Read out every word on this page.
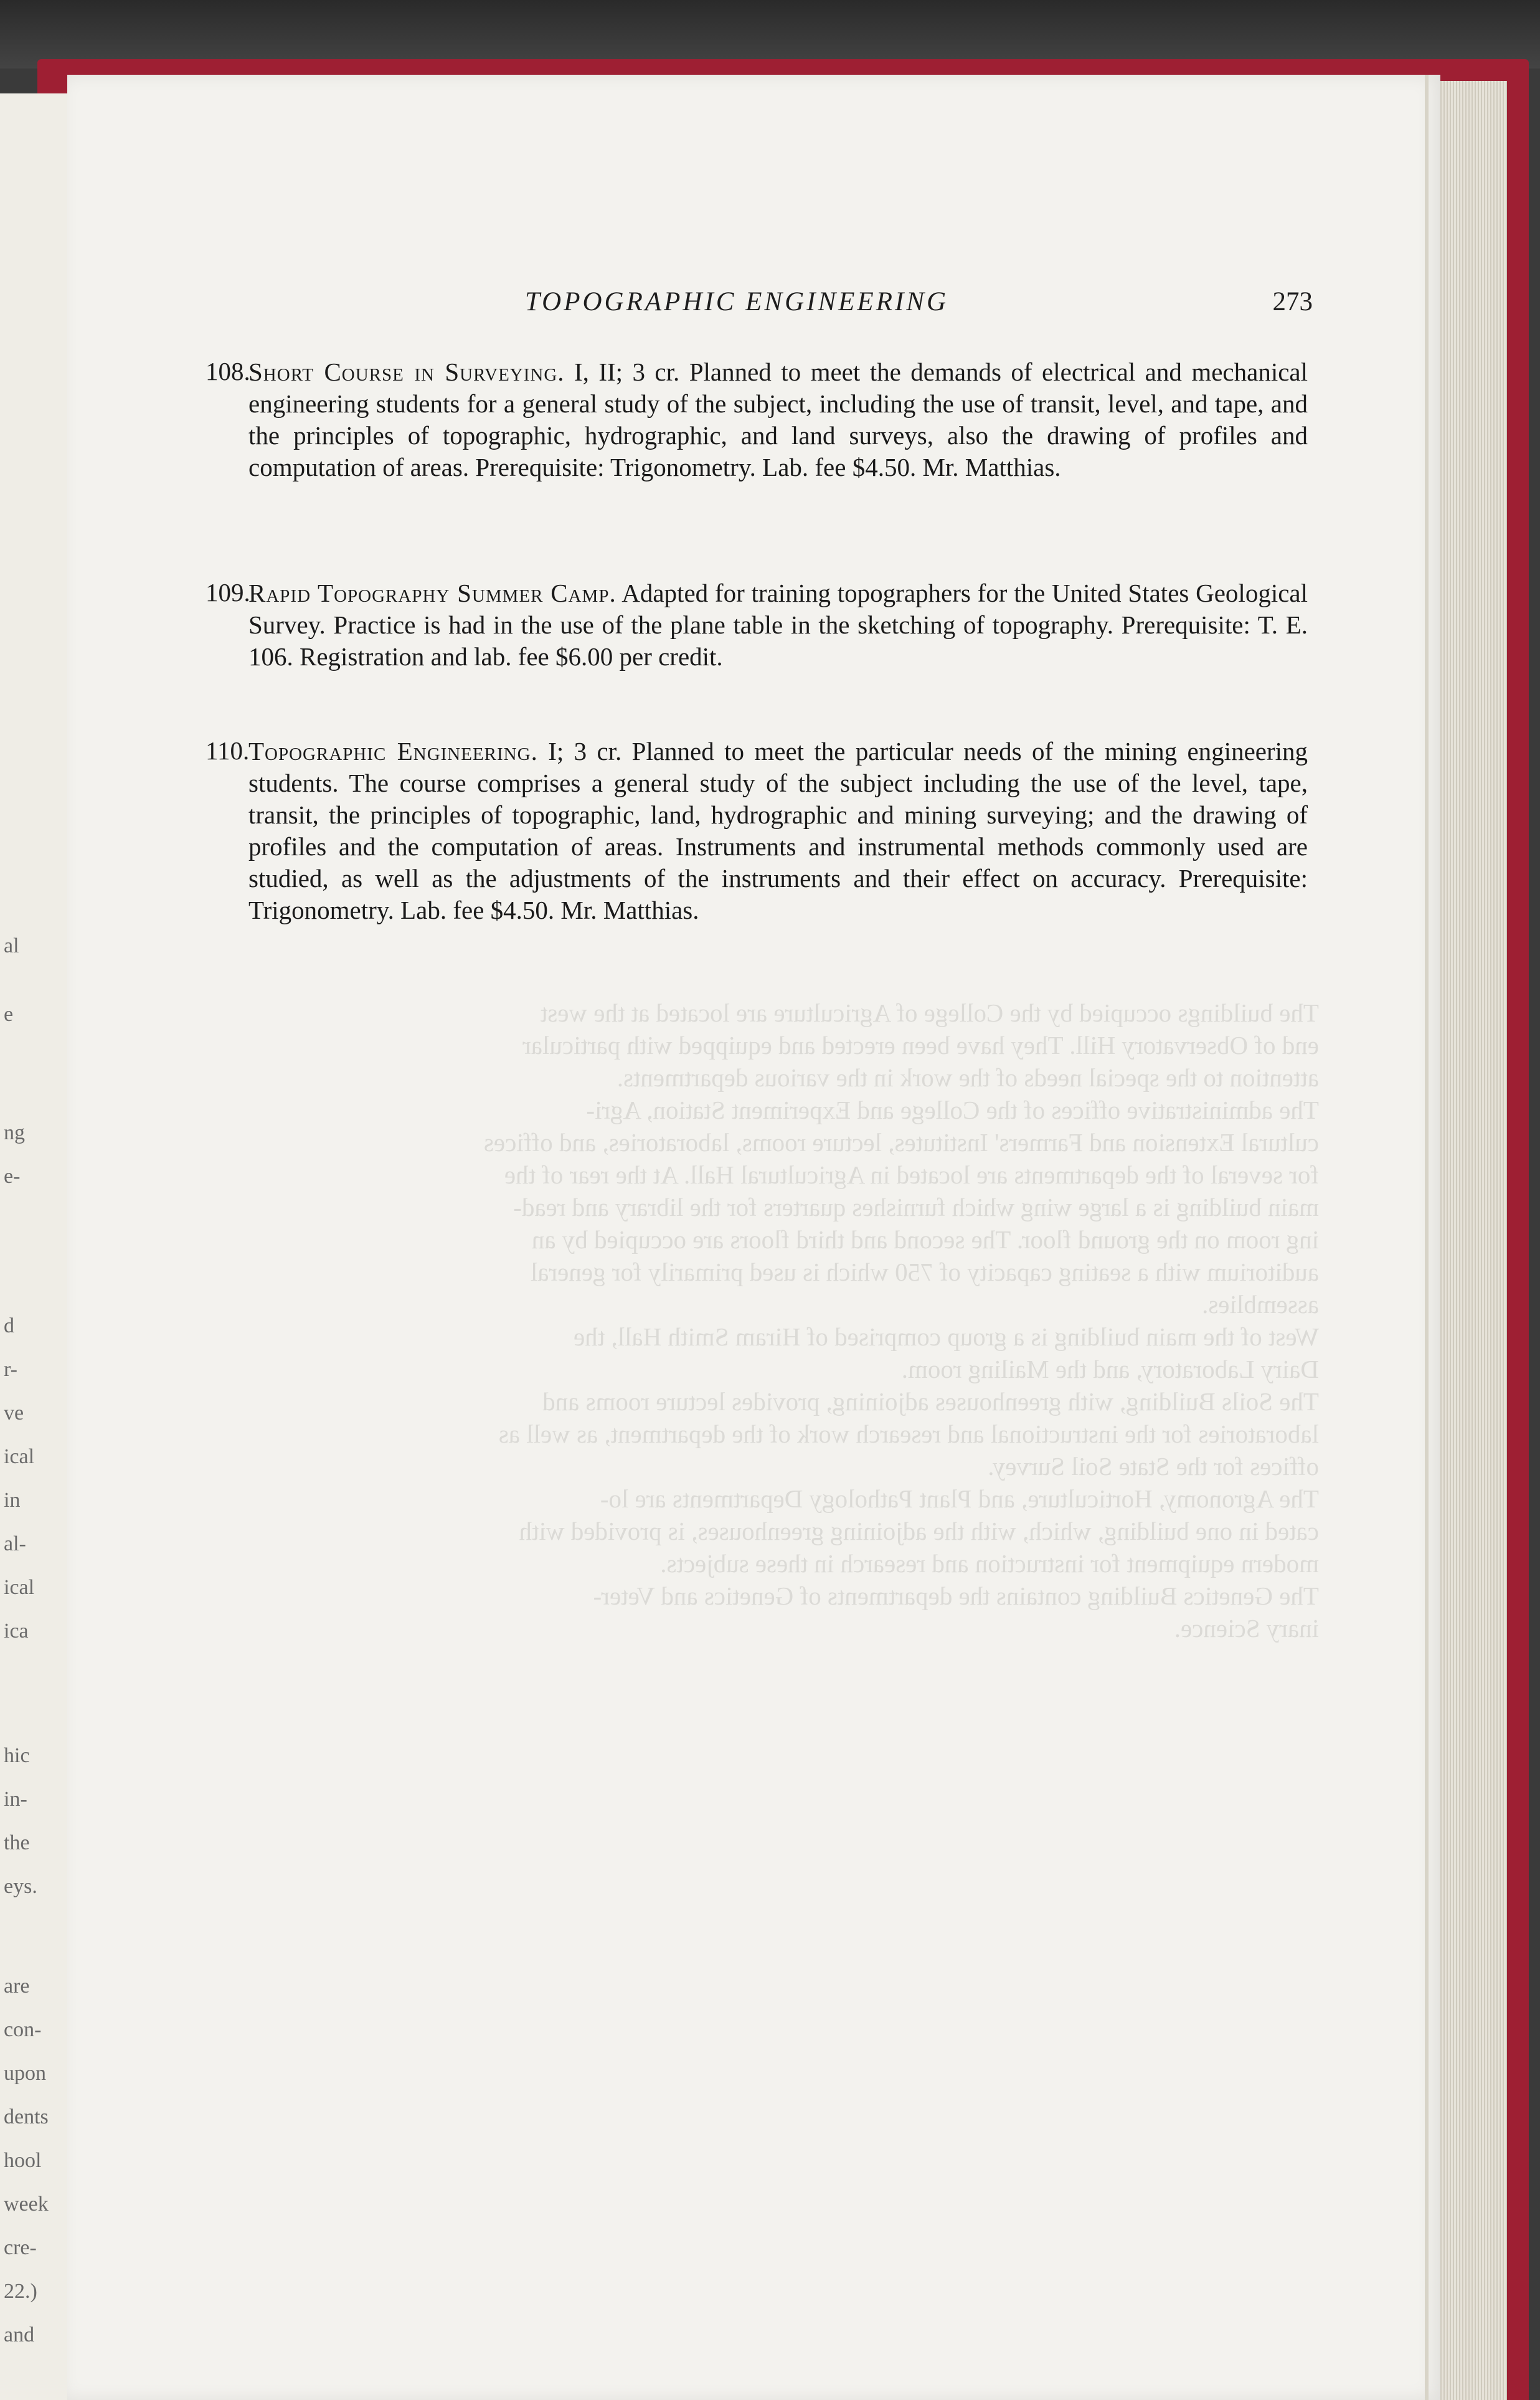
al
e
ng
e-
d
r-
ve
ical
in
al-
ical
ica
hic
in-
the
eys.
are
con-
upon
dents
hool
week
cre-
22.)
and
The buildings occupied by the College of Agriculture are located at the west
end of Observatory Hill. They have been erected and equipped with particular
attention to the special needs of the work in the various departments.
The administrative offices of the College and Experiment Station, Agri-
cultural Extension and Farmers' Institutes, lecture rooms, laboratories, and offices
for several of the departments are located in Agricultural Hall. At the rear of the
main building is a large wing which furnishes quarters for the library and read-
ing room on the ground floor. The second and third floors are occupied by an
auditorium with a seating capacity of 750 which is used primarily for general
assemblies.
West of the main building is a group comprised of Hiram Smith Hall, the
Dairy Laboratory, and the Mailing room.
The Soils Building, with greenhouses adjoining, provides lecture rooms and
laboratories for the instructional and research work of the department, as well as
offices for the State Soil Survey.
The Agronomy, Horticulture, and Plant Pathology Departments are lo-
cated in one building, which, with the adjoining greenhouses, is provided with
modern equipment for instruction and research in these subjects.
The Genetics Building contains the departments of Genetics and Veter-
inary Science.
TOPOGRAPHIC ENGINEERING	273
108.
Short Course in Surveying. I, II; 3 cr. Planned to meet the demands of electrical and mechanical engineering students for a general study of the subject, including the use of transit, level, and tape, and the principles of topographic, hydrographic, and land surveys, also the drawing of profiles and computation of areas. Prerequisite: Trigonometry. Lab. fee $4.50. Mr. Matthias.
109.
Rapid Topography Summer Camp. Adapted for training topographers for the United States Geological Survey. Practice is had in the use of the plane table in the sketching of topography. Prerequisite: T. E. 106. Registration and lab. fee $6.00 per credit.
110.
Topographic Engineering. I; 3 cr. Planned to meet the particular needs of the mining engineering students. The course comprises a general study of the subject including the use of the level, tape, transit, the principles of topographic, land, hydrographic and mining surveying; and the drawing of profiles and the computation of areas. Instruments and instrumental methods commonly used are studied, as well as the adjustments of the instruments and their effect on accuracy. Prerequisite: Trigonometry. Lab. fee $4.50. Mr. Matthias.
